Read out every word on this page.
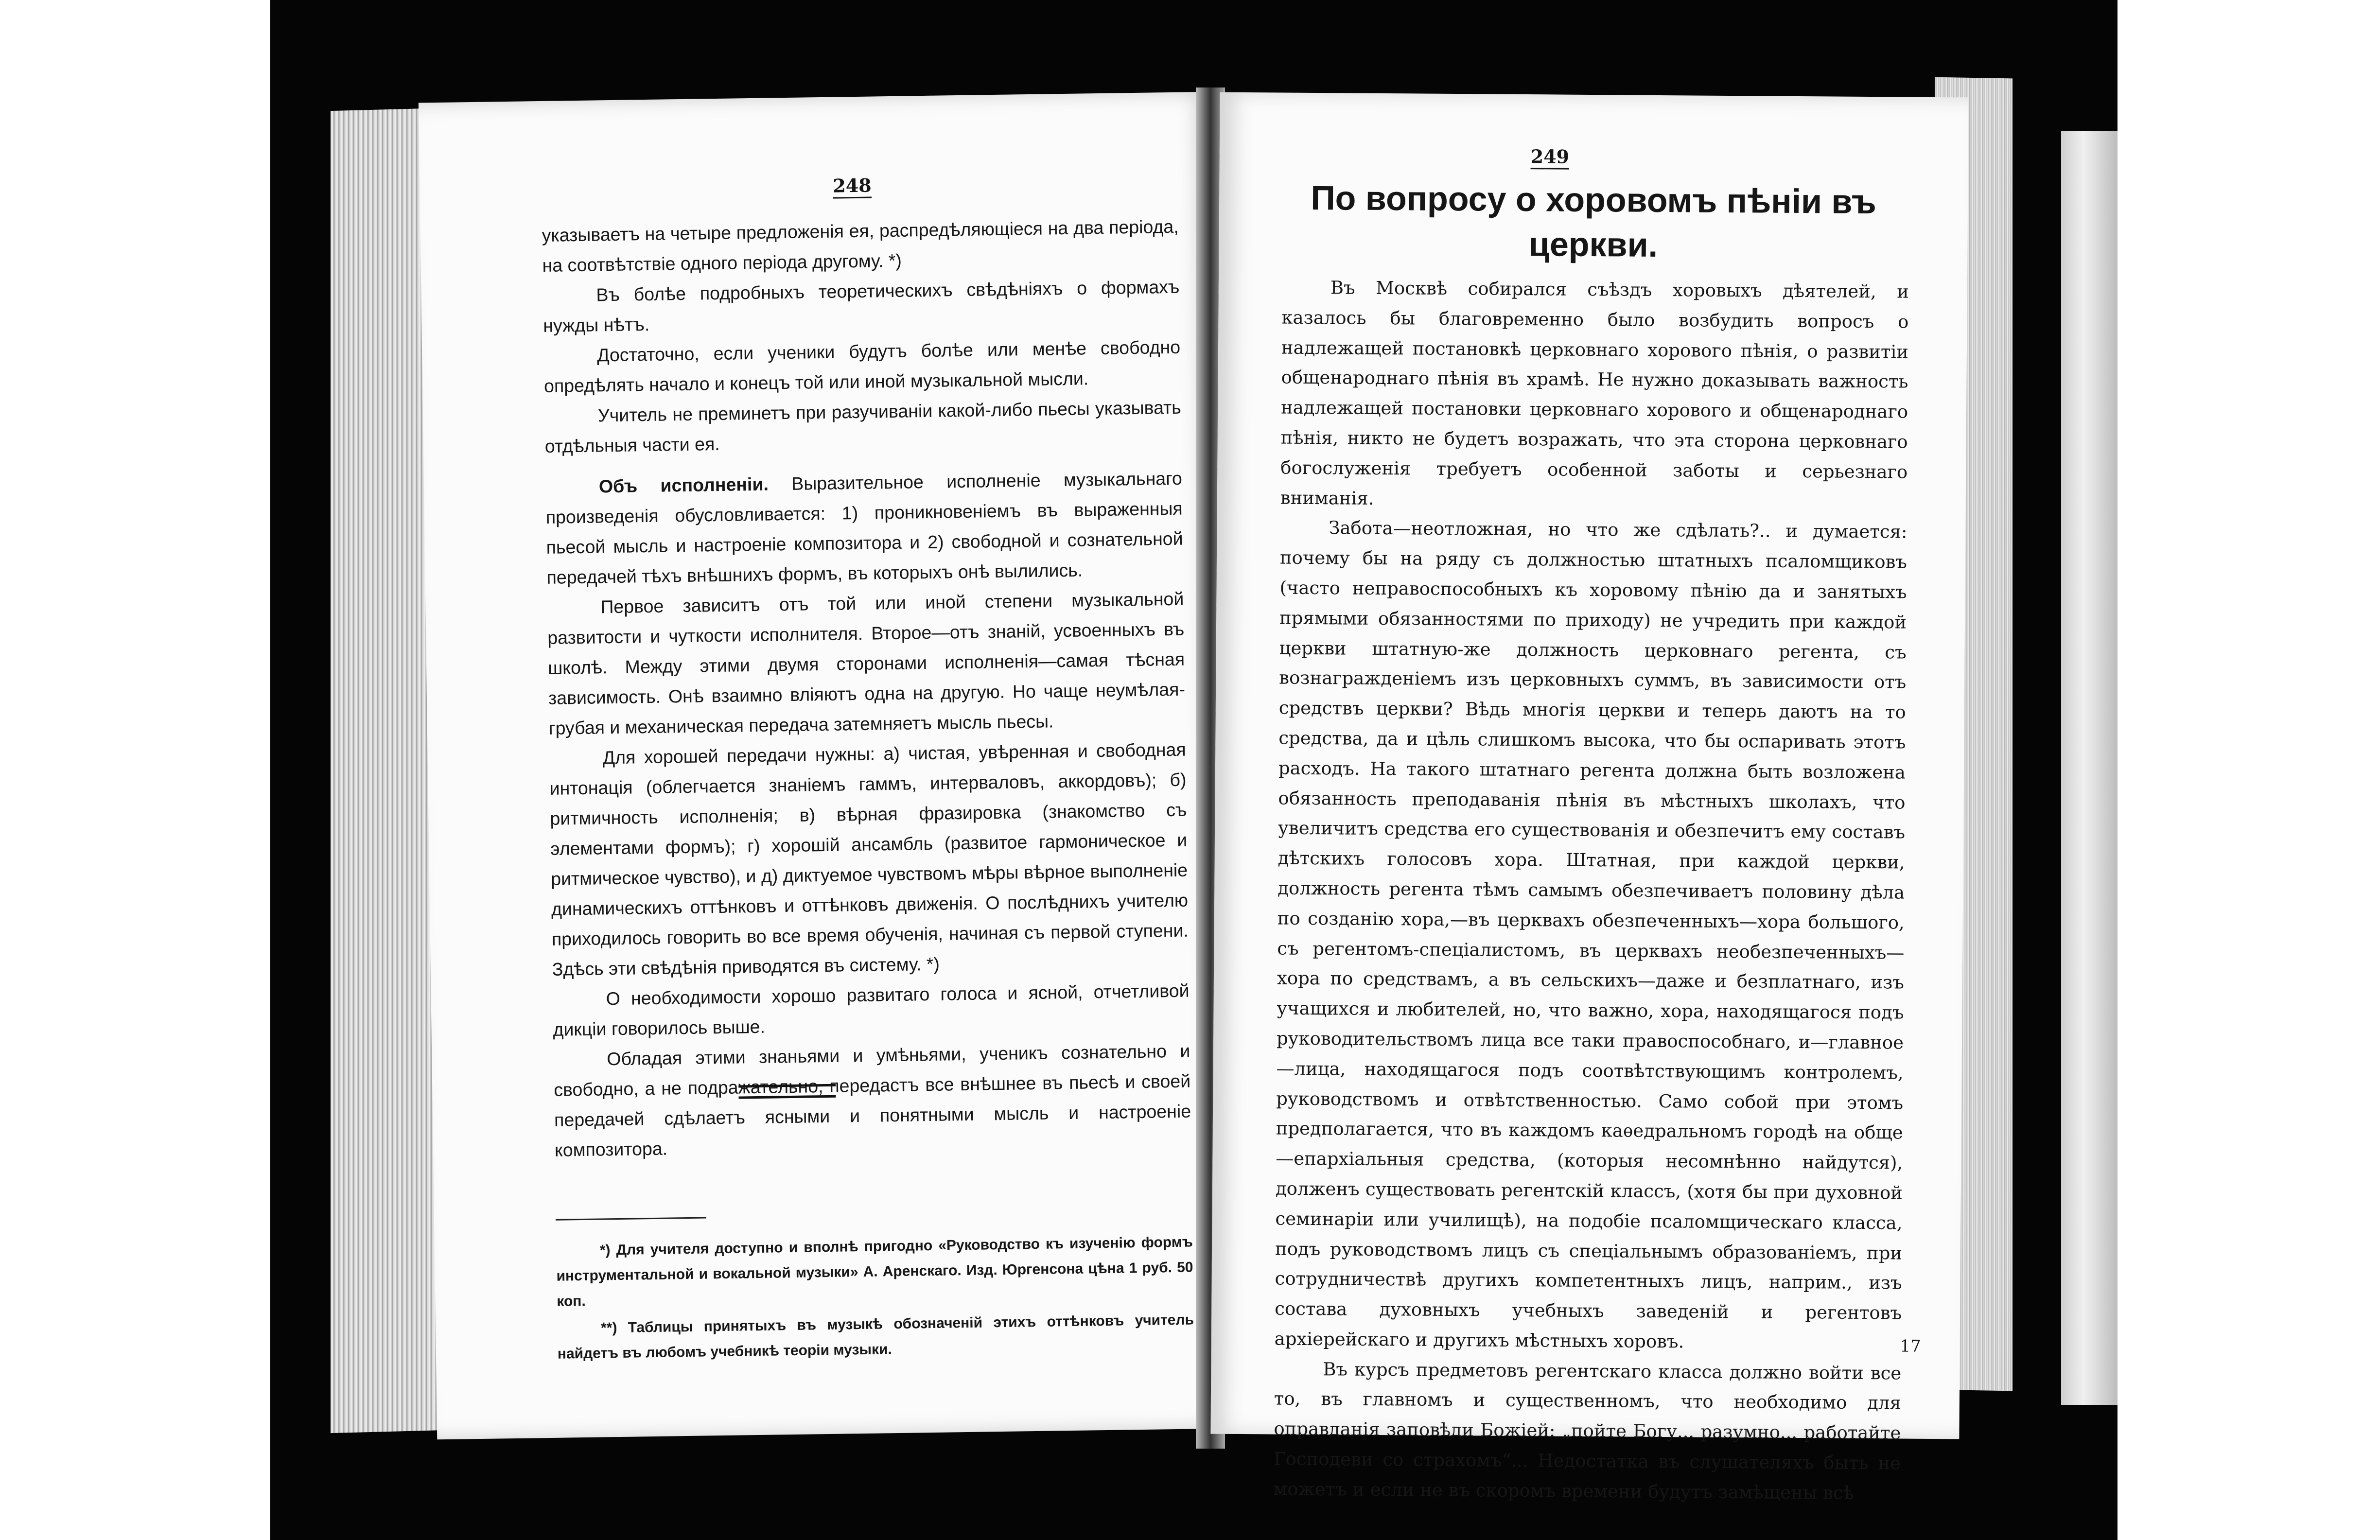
248

указываетъ на четыре предложенія ея, распредѣляющіеся на два періода, на соотвѣтствіе одного періода другому. *)

Въ болѣе подробныхъ теоретическихъ свѣдѣніяхъ о формахъ нужды нѣтъ.

Достаточно, если ученики будутъ болѣе или менѣе свободно опредѣлять начало и конецъ той или иной музыкальной мысли.

Учитель не преминетъ при разучиваніи какой-либо пьесы указывать отдѣльныя части ея.

Объ исполненіи. Выразительное исполненіе музыкальнаго произведенія обусловливается: 1) проникновеніемъ въ выраженныя пьесой мысль и настроеніе композитора и 2) свободной и сознательной передачей тѣхъ внѣшнихъ формъ, въ которыхъ онѣ вылились.

Первое зависитъ отъ той или иной степени музыкальной развитости и чуткости исполнителя. Второе—отъ знаній, усвоенныхъ въ школѣ. Между этими двумя сторонами исполненія—самая тѣсная зависимость. Онѣ взаимно вліяютъ одна на другую. Но чаще неумѣлая-грубая и механическая передача затемняетъ мысль пьесы.

Для хорошей передачи нужны: а) чистая, увѣренная и свободная интонація (облегчается знаніемъ гаммъ, интерваловъ, аккордовъ); б) ритмичность исполненія; в) вѣрная фразировка (знакомство съ элементами формъ); г) хорошій ансамбль (развитое гармоническое и ритмическое чувство), и д) диктуемое чувствомъ мѣры вѣрное выполненіе динамическихъ оттѣнковъ и оттѣнковъ движенія. О послѣднихъ учителю приходилось говорить во все время обученія, начиная съ первой ступени. Здѣсь эти свѣдѣнія приводятся въ систему. *)

О необходимости хорошо развитаго голоса и ясной, отчетливой дикціи говорилось выше.

Обладая этими знаньями и умѣньями, ученикъ сознательно и свободно, а не подражательно, передастъ все внѣшнее въ пьесѣ и своей передачей сдѣлаетъ ясными и понятными мысль и настроеніе композитора.

*) Для учителя доступно и вполнѣ пригодно «Руководство къ изученію формъ инструментальной и вокальной музыки» А. Аренскаго. Изд. Юргенсона цѣна 1 руб. 50 коп.

**) Таблицы принятыхъ въ музыкѣ обозначеній этихъ оттѣнковъ учитель найдетъ въ любомъ учебникѣ теоріи музыки.

249
По вопросу о хоровомъ пѣніи въ церкви.

Въ Москвѣ собирался съѣздъ хоровыхъ дѣятелей, и казалось бы благовременно было возбудить вопросъ о надлежащей постановкѣ церковнаго хорового пѣнія, о развитіи общенароднаго пѣнія въ храмѣ. Не нужно доказывать важность надлежащей постановки церковнаго хорового и общенароднаго пѣнія, никто не будетъ возражать, что эта сторона церковнаго богослуженія требуетъ особенной заботы и серьезнаго вниманія.

Забота—неотложная, но что же сдѣлать?.. и думается: почему бы на ряду съ должностью штатныхъ псаломщиковъ (часто неправоспособныхъ къ хоровому пѣнію да и занятыхъ прямыми обязанностями по приходу) не учредить при каждой церкви штатную-же должность церковнаго регента, съ вознагражденіемъ изъ церковныхъ суммъ, въ зависимости отъ средствъ церкви? Вѣдь многія церкви и теперь даютъ на то средства, да и цѣль слишкомъ высока, что бы оспаривать этотъ расходъ. На такого штатнаго регента должна быть возложена обязанность преподаванія пѣнія въ мѣстныхъ школахъ, что увеличитъ средства его существованія и обезпечитъ ему составъ дѣтскихъ голосовъ хора. Штатная, при каждой церкви, должность регента тѣмъ самымъ обезпечиваетъ половину дѣла по созданію хора,—въ церквахъ обезпеченныхъ—хора большого, съ регентомъ-спеціалистомъ, въ церквахъ необезпеченныхъ—хора по средствамъ, а въ сельскихъ—даже и безплатнаго, изъ учащихся и любителей, но, что важно, хора, находящагося подъ руководительствомъ лица все таки правоспособнаго, и—главное—лица, находящагося подъ соотвѣтствующимъ контролемъ, руководствомъ и отвѣтственностью. Само собой при этомъ предполагается, что въ каждомъ каѳедральномъ городѣ на обще—епархіальныя средства, (которыя несомнѣнно найдутся), долженъ существовать регентскій классъ, (хотя бы при духовной семинаріи или училищѣ), на подобіе псаломщическаго класса, подъ руководствомъ лицъ съ спеціальнымъ образованіемъ, при сотрудничествѣ другихъ компетентныхъ лицъ, наприм., изъ состава духовныхъ учебныхъ заведеній и регентовъ архіерейскаго и другихъ мѣстныхъ хоровъ.

Въ курсъ предметовъ регентскаго класса должно войти все то, въ главномъ и существенномъ, что необходимо для оправданія заповѣди Божіей: „пойте Богу... разумно... работайте Господеви со страхомъ“... Недостатка въ слушателяхъ быть не можетъ и если не въ скоромъ времени будутъ замѣщены всѣ

17
